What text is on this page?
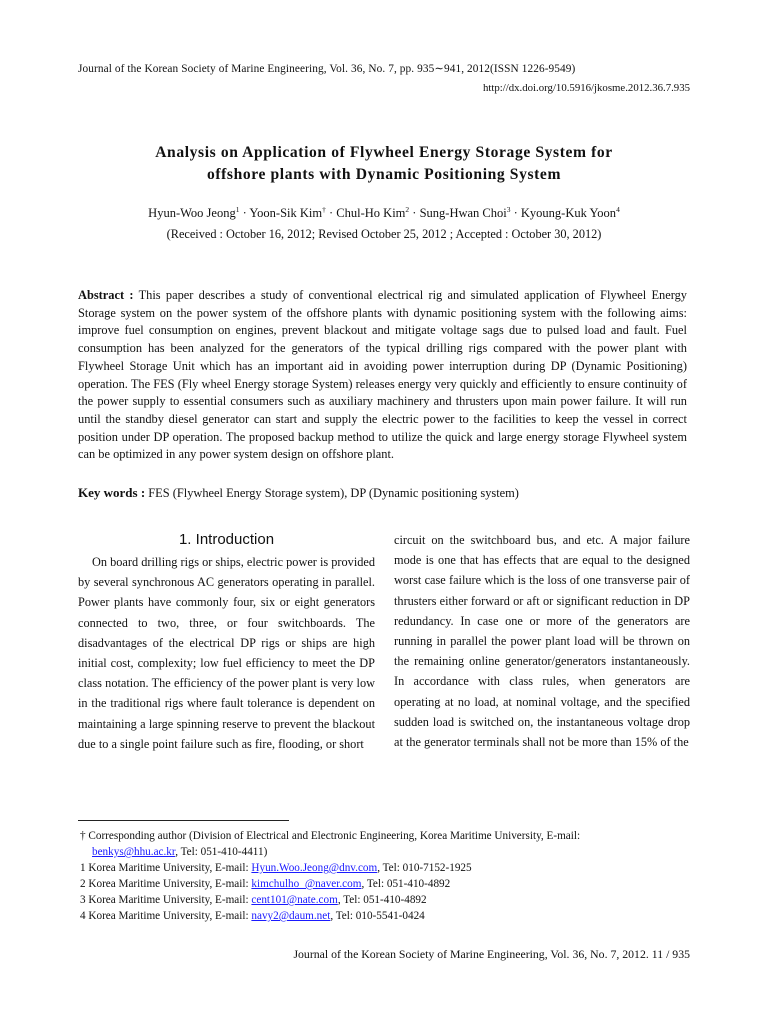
Journal of the Korean Society of Marine Engineering, Vol. 36, No. 7, pp. 935∼941, 2012(ISSN 1226-9549)
http://dx.doi.org/10.5916/jkosme.2012.36.7.935
Analysis on Application of Flywheel Energy Storage System for
offshore plants with Dynamic Positioning System
Hyun-Woo Jeong$^1$ · Yoon-Sik Kim† · Chul-Ho Kim$^2$ · Sung-Hwan Choi$^3$ · Kyoung-Kuk Yoon$^4$
(Received : October 16, 2012; Revised October 25, 2012 ; Accepted : October 30, 2012)
Abstract : This paper describes a study of conventional electrical rig and simulated application of Flywheel Energy Storage system on the power system of the offshore plants with dynamic positioning system with the following aims: improve fuel consumption on engines, prevent blackout and mitigate voltage sags due to pulsed load and fault. Fuel consumption has been analyzed for the generators of the typical drilling rigs compared with the power plant with Flywheel Storage Unit which has an important aid in avoiding power interruption during DP (Dynamic Positioning) operation. The FES (Fly wheel Energy storage System) releases energy very quickly and efficiently to ensure continuity of the power supply to essential consumers such as auxiliary machinery and thrusters upon main power failure. It will run until the standby diesel generator can start and supply the electric power to the facilities to keep the vessel in correct position under DP operation. The proposed backup method to utilize the quick and large energy storage Flywheel system can be optimized in any power system design on offshore plant.
Key words : FES (Flywheel Energy Storage system), DP (Dynamic positioning system)
1. Introduction
On board drilling rigs or ships, electric power is provided by several synchronous AC generators operating in parallel. Power plants have commonly four, six or eight generators connected to two, three, or four switchboards. The disadvantages of the electrical DP rigs or ships are high initial cost, complexity; low fuel efficiency to meet the DP class notation. The efficiency of the power plant is very low in the traditional rigs where fault tolerance is dependent on maintaining a large spinning reserve to prevent the blackout due to a single point failure such as fire, flooding, or short
circuit on the switchboard bus, and etc. A major failure mode is one that has effects that are equal to the designed worst case failure which is the loss of one transverse pair of thrusters either forward or aft or significant reduction in DP redundancy. In case one or more of the generators are running in parallel the power plant load will be thrown on the remaining online generator/generators instantaneously. In accordance with class rules, when generators are operating at no load, at nominal voltage, and the specified sudden load is switched on, the instantaneous voltage drop at the generator terminals shall not be more than 15% of the
† Corresponding author (Division of Electrical and Electronic Engineering, Korea Maritime University, E-mail:
benkys@hhu.ac.kr, Tel: 051-410-4411)
1 Korea Maritime University, E-mail: Hyun.Woo.Jeong@dnv.com, Tel: 010-7152-1925
2 Korea Maritime University, E-mail: kimchulho_@naver.com, Tel: 051-410-4892
3 Korea Maritime University, E-mail: cent101@nate.com, Tel: 051-410-4892
4 Korea Maritime University, E-mail: navy2@daum.net, Tel: 010-5541-0424
Journal of the Korean Society of Marine Engineering, Vol. 36, No. 7, 2012. 11 / 935
